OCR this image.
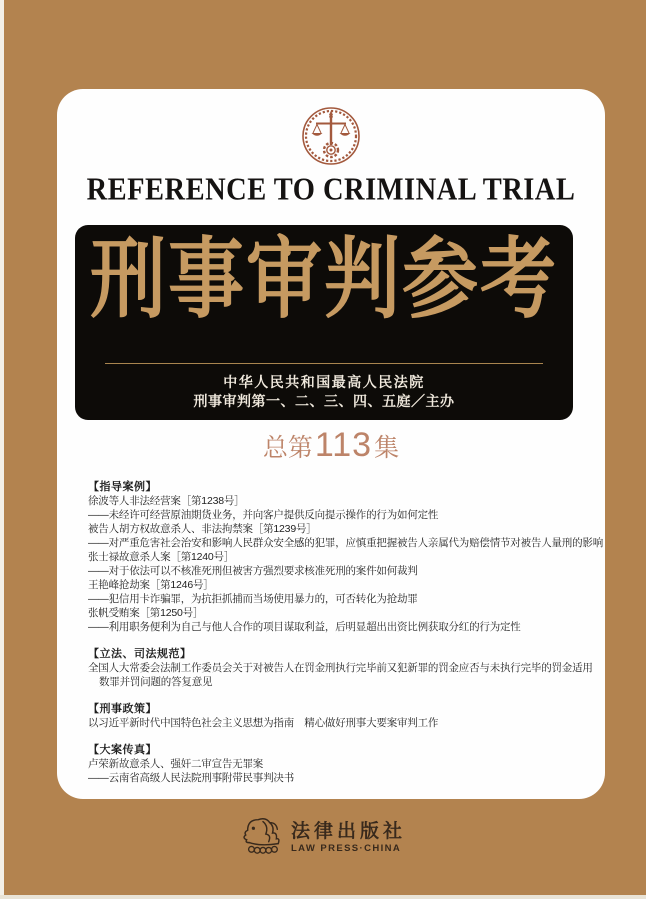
REFERENCE TO CRIMINAL TRIAL
刑事审判参考
中华人民共和国最高人民法院
刑事审判第一、二、三、四、五庭／主办
总第 113 集
【指导案例】
徐波等人非法经营案［第1238号］
——未经许可经营原油期货业务，并向客户提供反向提示操作的行为如何定性
被告人胡方权故意杀人、非法拘禁案［第1239号］
——对严重危害社会治安和影响人民群众安全感的犯罪，应慎重把握被告人亲属代为赔偿情节对被告人量刑的影响
张士禄故意杀人案［第1240号］
——对于依法可以不核准死刑但被害方强烈要求核准死刑的案件如何裁判
王艳峰抢劫案［第1246号］
——犯信用卡诈骗罪，为抗拒抓捕而当场使用暴力的，可否转化为抢劫罪
张帆受贿案［第1250号］
——利用职务便利为自己与他人合作的项目谋取利益，后明显超出出资比例获取分红的行为定性
【立法、司法规范】
全国人大常委会法制工作委员会关于对被告人在罚金刑执行完毕前又犯新罪的罚金应否与未执行完毕的罚金适用
数罪并罚问题的答复意见
【刑事政策】
以习近平新时代中国特色社会主义思想为指南　精心做好刑事大要案审判工作
【大案传真】
卢荣新故意杀人、强奸二审宣告无罪案
——云南省高级人民法院刑事附带民事判决书
法律出版社
LAW PRESS·CHINA
